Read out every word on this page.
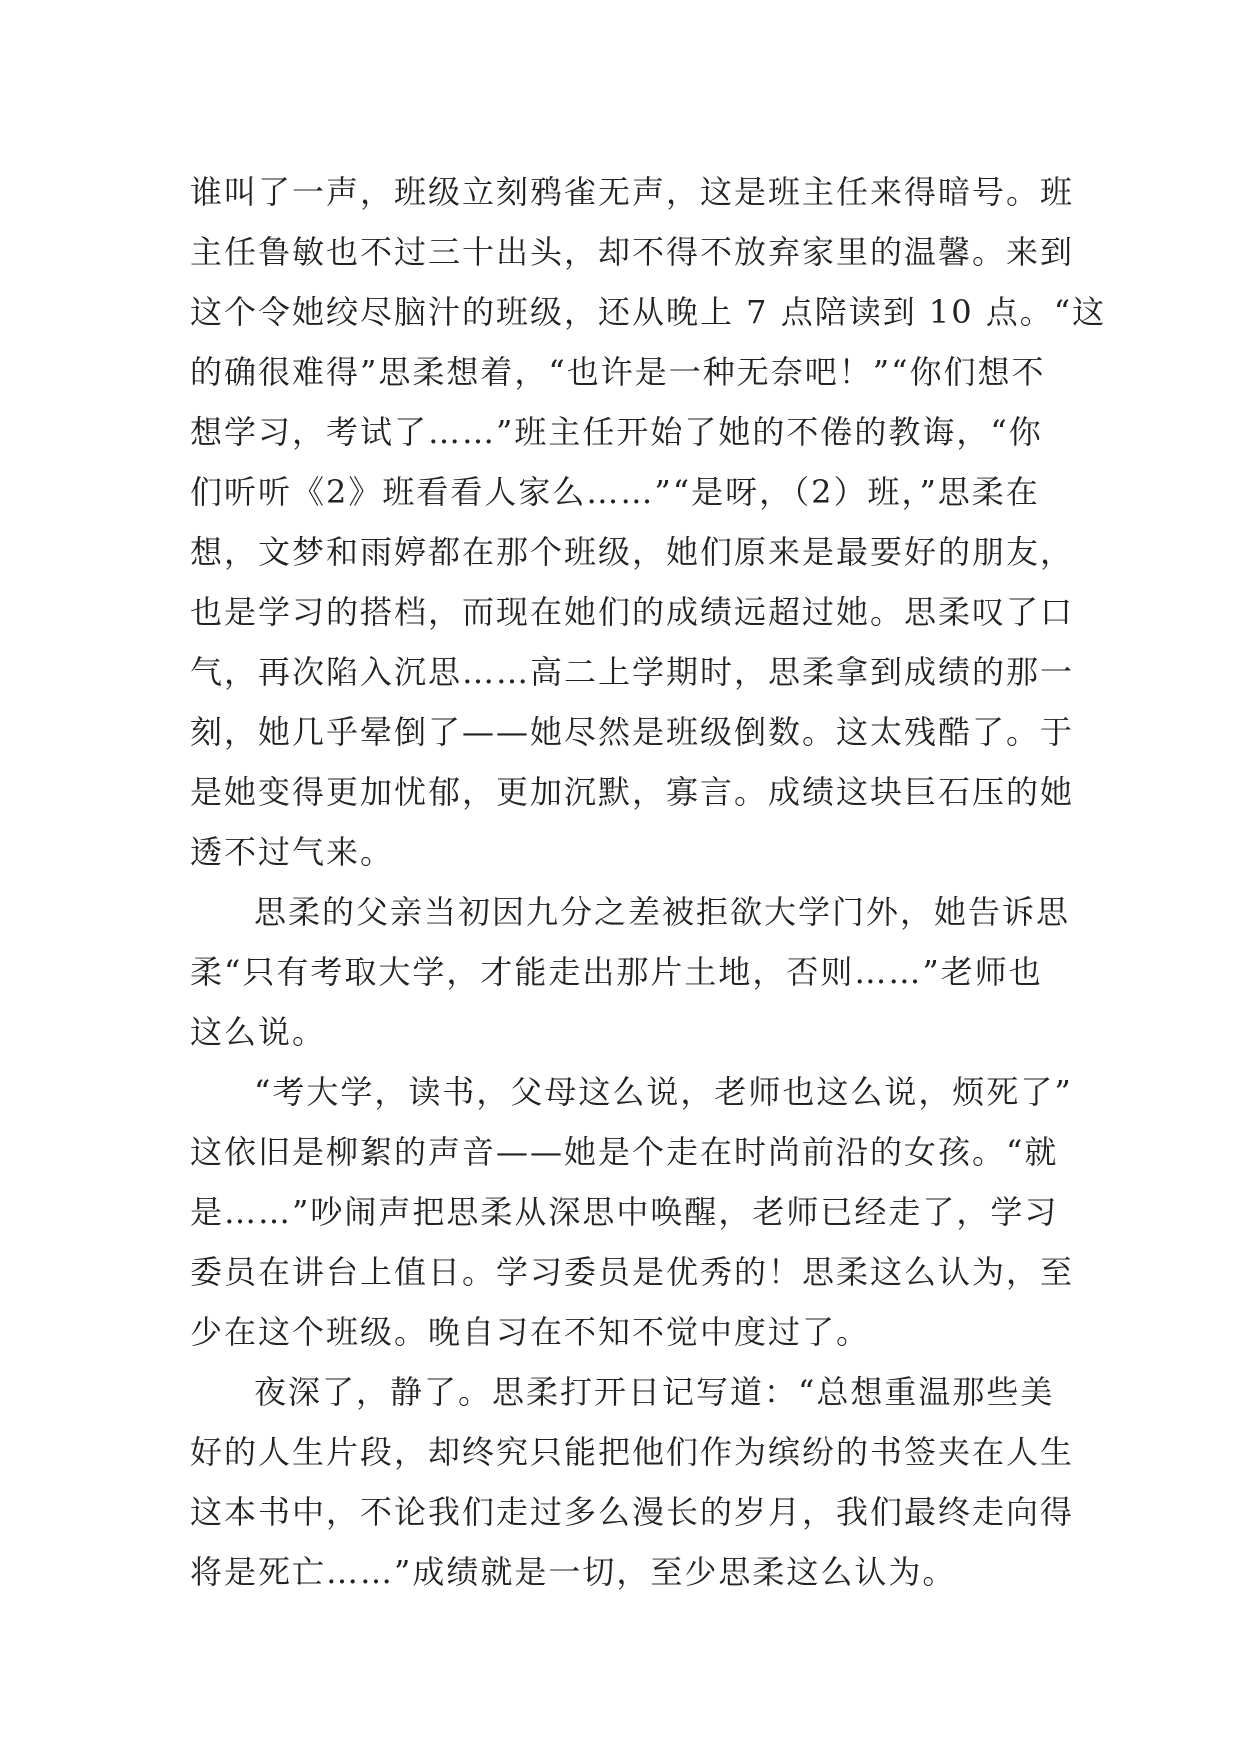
谁叫了一声，班级立刻鸦雀无声，这是班主任来得暗号。班
主任鲁敏也不过三十出头，却不得不放弃家里的温馨。来到
这个令她绞尽脑汁的班级，还从晚上 7 点陪读到 10 点。“这
的确很难得”思柔想着，“也许是一种无奈吧！”“你们想不
想学习，考试了……”班主任开始了她的不倦的教诲，“你
们听听《2》班看看人家么……”“是呀，（2）班，”思柔在
想，文梦和雨婷都在那个班级，她们原来是最要好的朋友，
也是学习的搭档，而现在她们的成绩远超过她。思柔叹了口
气，再次陷入沉思……高二上学期时，思柔拿到成绩的那一
刻，她几乎晕倒了——她尽然是班级倒数。这太残酷了。于
是她变得更加忧郁，更加沉默，寡言。成绩这块巨石压的她
透不过气来。
思柔的父亲当初因九分之差被拒欲大学门外，她告诉思
柔“只有考取大学，才能走出那片土地，否则……”老师也
这么说。
“考大学，读书，父母这么说，老师也这么说，烦死了”
这依旧是柳絮的声音——她是个走在时尚前沿的女孩。“就
是……”吵闹声把思柔从深思中唤醒，老师已经走了，学习
委员在讲台上值日。学习委员是优秀的！思柔这么认为，至
少在这个班级。晚自习在不知不觉中度过了。
夜深了，静了。思柔打开日记写道：“总想重温那些美
好的人生片段，却终究只能把他们作为缤纷的书签夹在人生
这本书中，不论我们走过多么漫长的岁月，我们最终走向得
将是死亡……”成绩就是一切，至少思柔这么认为。
